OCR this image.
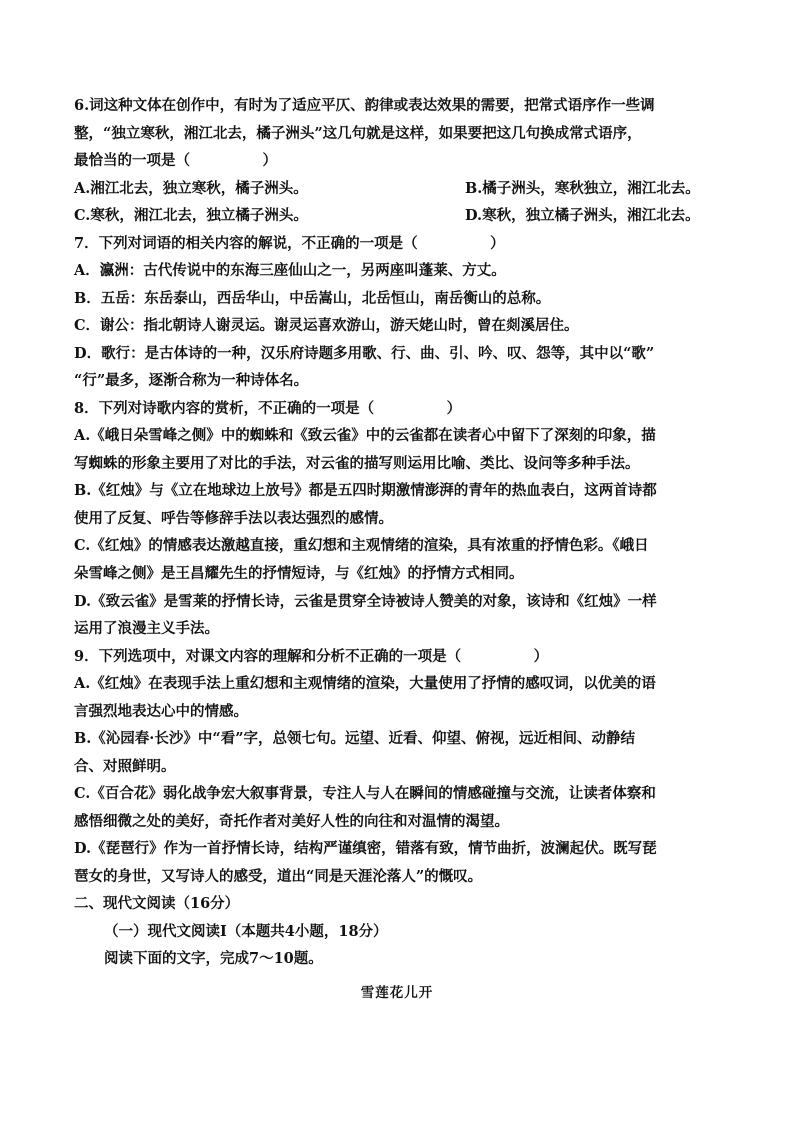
6.词这种文体在创作中，有时为了适应平仄、韵律或表达效果的需要，把常式语序作一些调
整，“独立寒秋，湘江北去，橘子洲头”这几句就是这样，如果要把这几句换成常式语序，
最恰当的一项是（　　　　　）
A.湘江北去，独立寒秋，橘子洲头。	B.橘子洲头，寒秋独立，湘江北去。
C.寒秋，湘江北去，独立橘子洲头。	D.寒秋，独立橘子洲头，湘江北去。
7．下列对词语的相关内容的解说，不正确的一项是（　　　　　）
A．瀛洲：古代传说中的东海三座仙山之一，另两座叫蓬莱、方丈。
B．五岳：东岳泰山，西岳华山，中岳嵩山，北岳恒山，南岳衡山的总称。
C．谢公：指北朝诗人谢灵运。谢灵运喜欢游山，游天姥山时，曾在剡溪居住。
D．歌行：是古体诗的一种，汉乐府诗题多用歌、行、曲、引、吟、叹、怨等，其中以“歌”
“行”最多，逐渐合称为一种诗体名。
8．下列对诗歌内容的赏析，不正确的一项是（　　　　　）
A.《峨日朵雪峰之侧》中的蜘蛛和《致云雀》中的云雀都在读者心中留下了深刻的印象，描
写蜘蛛的形象主要用了对比的手法，对云雀的描写则运用比喻、类比、设问等多种手法。
B.《红烛》与《立在地球边上放号》都是五四时期激情澎湃的青年的热血表白，这两首诗都
使用了反复、呼告等修辞手法以表达强烈的感情。
C.《红烛》的情感表达激越直接，重幻想和主观情绪的渲染，具有浓重的抒情色彩。《峨日
朵雪峰之侧》是王昌耀先生的抒情短诗，与《红烛》的抒情方式相同。
D.《致云雀》是雪莱的抒情长诗，云雀是贯穿全诗被诗人赞美的对象，该诗和《红烛》一样
运用了浪漫主义手法。
9．下列选项中，对课文内容的理解和分析不正确的一项是（　　　　　）
A.《红烛》在表现手法上重幻想和主观情绪的渲染，大量使用了抒情的感叹词，以优美的语
言强烈地表达心中的情感。
B.《沁园春·长沙》中“看”字，总领七句。远望、近看、仰望、俯视，远近相间、动静结
合、对照鲜明。
C.《百合花》弱化战争宏大叙事背景，专注人与人在瞬间的情感碰撞与交流，让读者体察和
感悟细微之处的美好，奇托作者对美好人性的向往和对温情的渴望。
D.《琵琶行》作为一首抒情长诗，结构严谨缜密，错落有致，情节曲折，波澜起伏。既写琵
琶女的身世，又写诗人的感受，道出“同是天涯沦落人”的慨叹。
二、现代文阅读（16分）
（一）现代文阅读Ⅰ（本题共4小题，18分）
阅读下面的文字，完成7～10题。
雪莲花儿开
